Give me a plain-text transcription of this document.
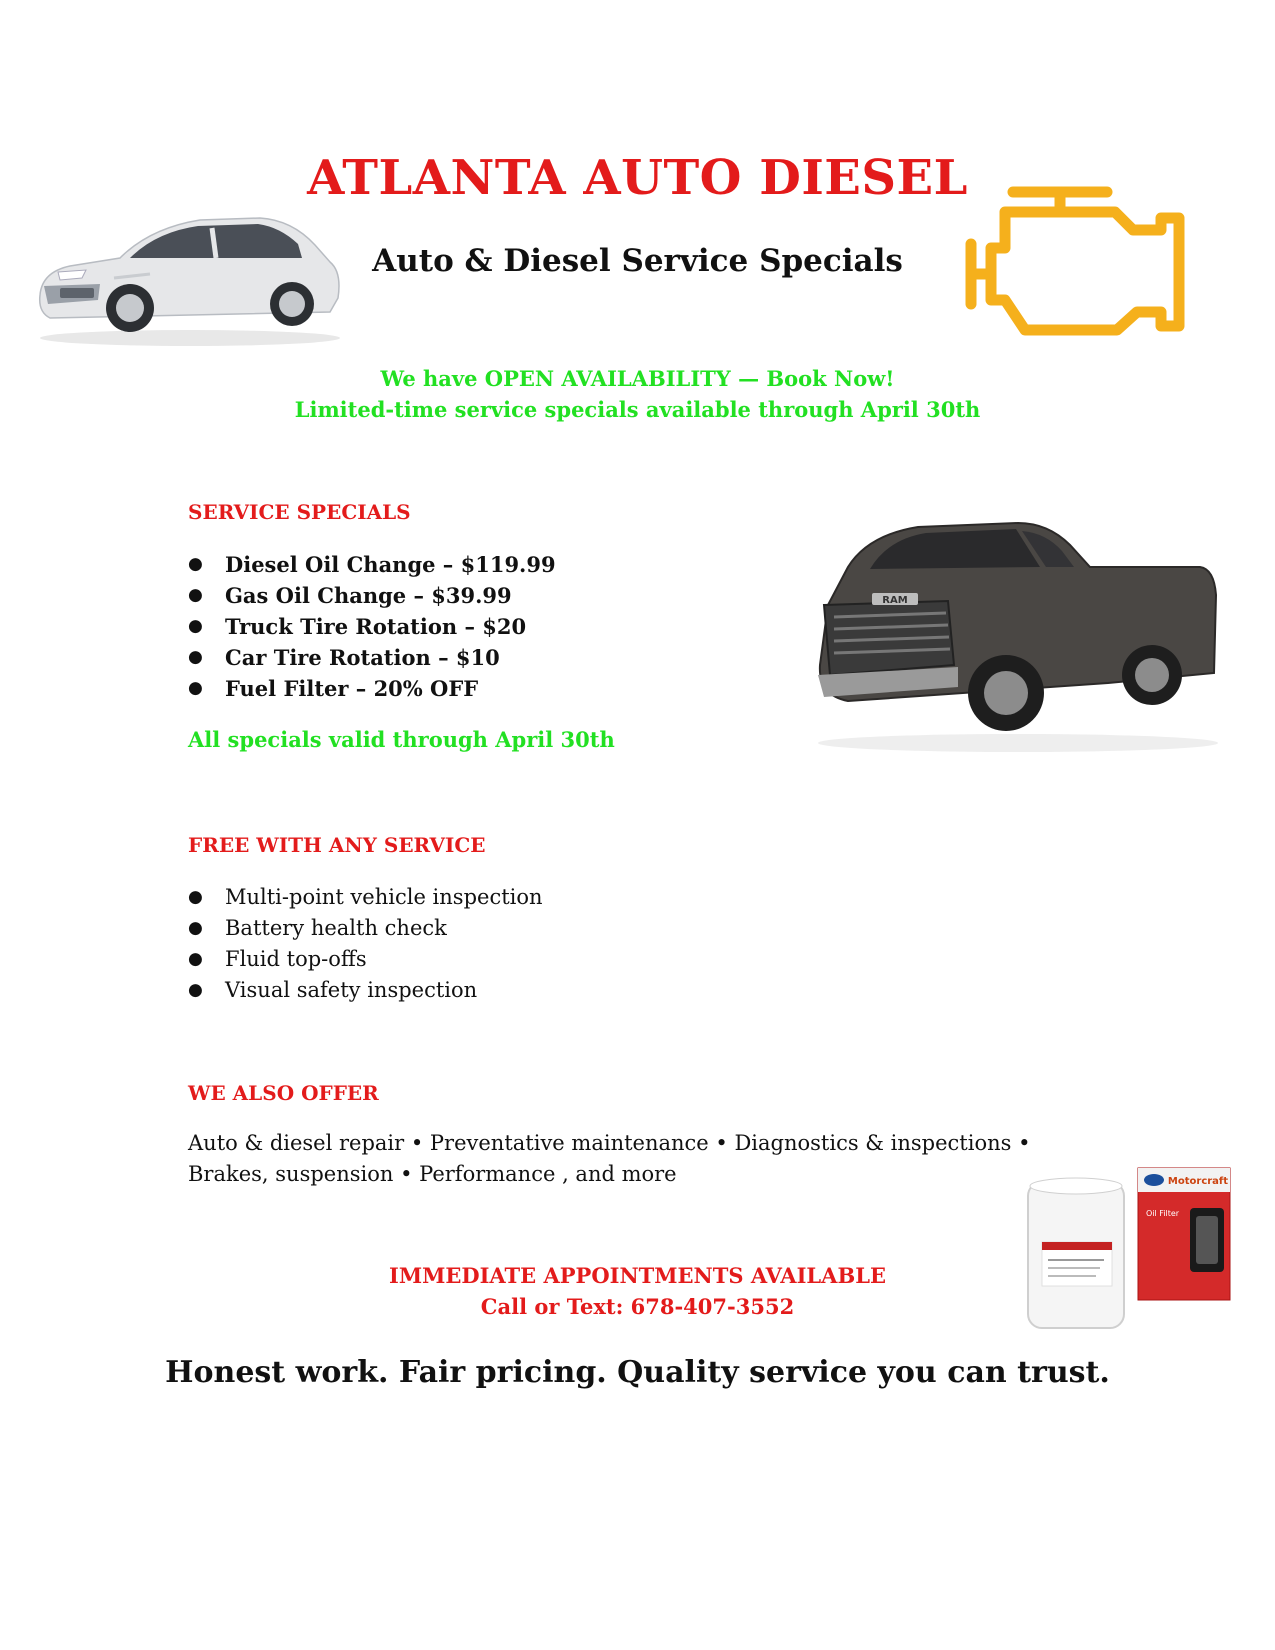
ATLANTA AUTO DIESEL
Auto & Diesel Service Specials
We have OPEN AVAILABILITY — Book Now!
Limited-time service specials available through April 30th
SERVICE SPECIALS
● Diesel Oil Change – $119.99
● Gas Oil Change – $39.99
● Truck Tire Rotation – $20
● Car Tire Rotation – $10
● Fuel Filter – 20% OFF
All specials valid through April 30th
RAM
FREE WITH ANY SERVICE
● Multi-point vehicle inspection
● Battery health check
● Fluid top-offs
● Visual safety inspection
WE ALSO OFFER
Auto & diesel repair • Preventative maintenance • Diagnostics & inspections • Brakes, suspension • Performance , and more	Motorcraft
Oil Filter
IMMEDIATE APPOINTMENTS AVAILABLE
Call or Text: 678-407-3552
Honest work. Fair pricing. Quality service you can trust.
